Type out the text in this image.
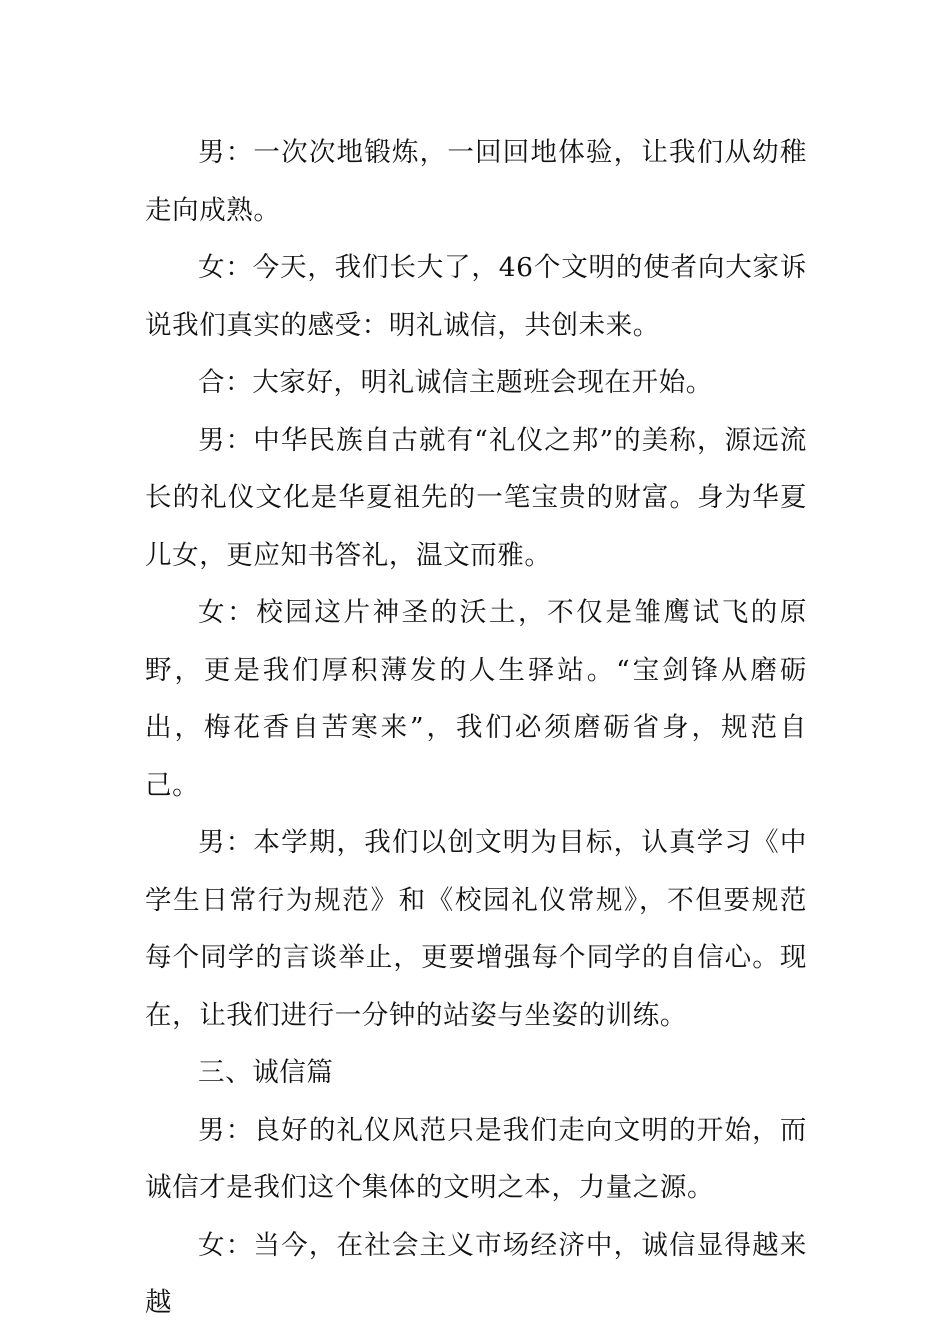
男：一次次地锻炼，一回回地体验，让我们从幼稚走向成熟。

女：今天，我们长大了，46个文明的使者向大家诉说我们真实的感受：明礼诚信，共创未来。

合：大家好，明礼诚信主题班会现在开始。

男：中华民族自古就有“礼仪之邦”的美称，源远流长的礼仪文化是华夏祖先的一笔宝贵的财富。身为华夏儿女，更应知书答礼，温文而雅。

女：校园这片神圣的沃土，不仅是雏鹰试飞的原野，更是我们厚积薄发的人生驿站。“宝剑锋从磨砺出，梅花香自苦寒来”，我们必须磨砺省身，规范自己。

男：本学期，我们以创文明为目标，认真学习《中学生日常行为规范》和《校园礼仪常规》，不但要规范每个同学的言谈举止，更要增强每个同学的自信心。现在，让我们进行一分钟的站姿与坐姿的训练。

三、诚信篇

男：良好的礼仪风范只是我们走向文明的开始，而诚信才是我们这个集体的文明之本，力量之源。

女：当今，在社会主义市场经济中，诚信显得越来越
